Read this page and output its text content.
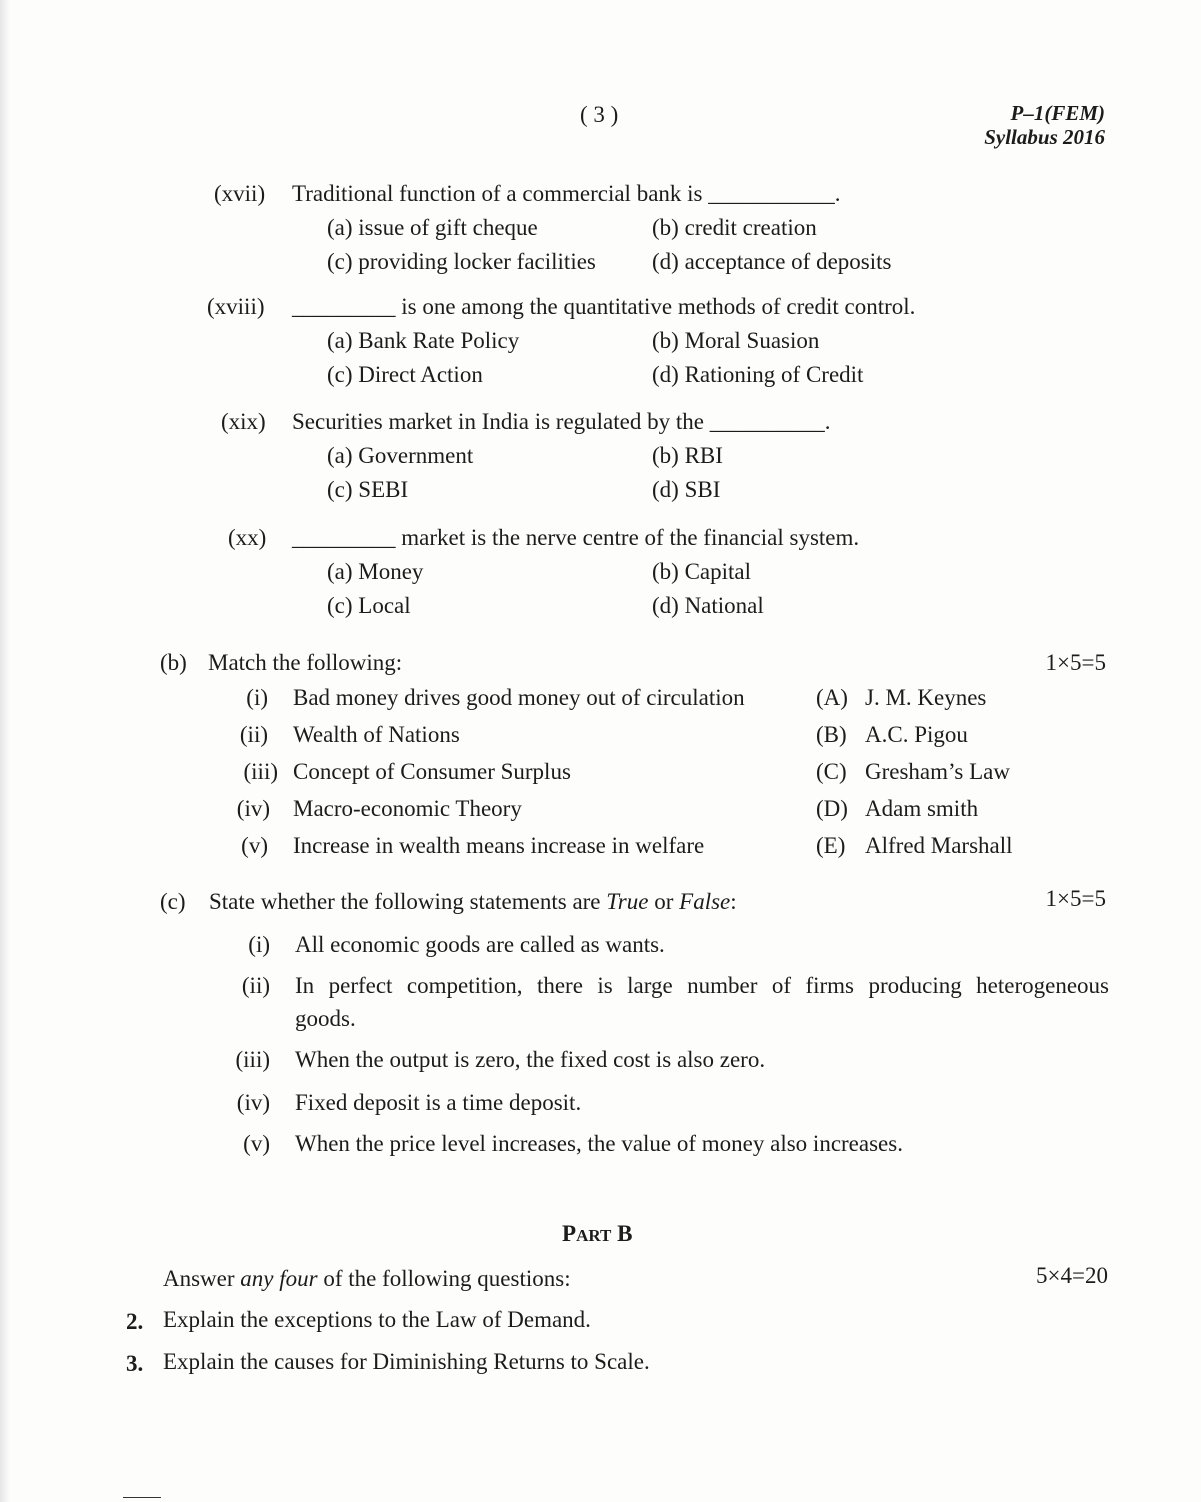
( 3 )	P–1(FEM)
Syllabus 2016
(xvii) Traditional function of a commercial bank is ___________.
(a) issue of gift cheque	(b) credit creation
(c) providing locker facilities (d) acceptance of deposits
(xviii) _________ is one among the quantitative methods of credit control.
(a) Bank Rate Policy	(b) Moral Suasion
(c) Direct Action	(d) Rationing of Credit
(xix) Securities market in India is regulated by the __________.
(a) Government	(b) RBI
(c) SEBI	(d) SBI
(xx) _________ market is the nerve centre of the financial system.
(a) Money	(b) Capital
(c) Local	(d) National
(b) Match the following:	1×5=5
(i) Bad money drives good money out of circulation	(A) J. M. Keynes
(ii) Wealth of Nations	(B) A.C. Pigou
(iii) Concept of Consumer Surplus	(C) Gresham’s Law
(iv) Macro-economic Theory	(D) Adam smith
(v) Increase in wealth means increase in welfare	(E) Alfred Marshall
(c) State whether the following statements are True or False:	1×5=5
(i) All economic goods are called as wants.
(ii) In perfect competition, there is large number of firms producing heterogeneous
goods.
(iii) When the output is zero, the fixed cost is also zero.
(iv) Fixed deposit is a time deposit.
(v) When the price level increases, the value of money also increases.
PART B
Answer any four of the following questions:	5×4=20
2. Explain the exceptions to the Law of Demand.
3. Explain the causes for Diminishing Returns to Scale.
